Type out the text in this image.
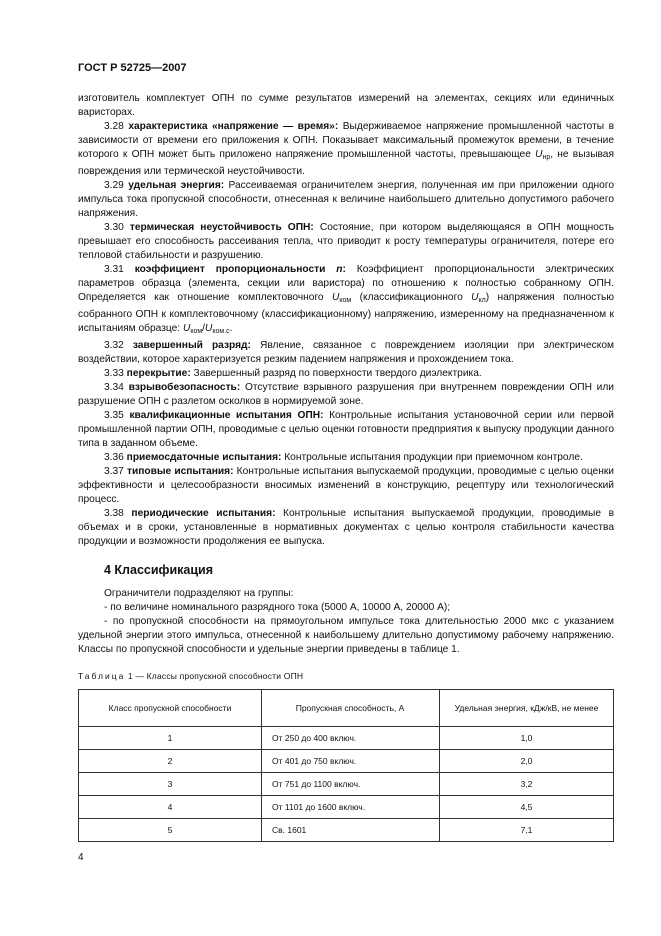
ГОСТ Р 52725—2007

изготовитель комплектует ОПН по сумме результатов измерений на элементах, секциях или единичных варисторах.

3.28 характеристика «напряжение — время»: Выдерживаемое напряжение промышленной частоты в зависимости от времени его приложения к ОПН. Показывает максимальный промежуток времени, в течение которого к ОПН может быть приложено напряжение промышленной частоты, превышающее $U_{нр}$, не вызывая повреждения или термической неустойчивости.

3.29 удельная энергия: Рассеиваемая ограничителем энергия, полученная им при приложении одного импульса тока пропускной способности, отнесенная к величине наибольшего длительно допустимого рабочего напряжения.

3.30 термическая неустойчивость ОПН: Состояние, при котором выделяющаяся в ОПН мощность превышает его способность рассеивания тепла, что приводит к росту температуры ограничителя, потере его тепловой стабильности и разрушению.

3.31 коэффициент пропорциональности n: Коэффициент пропорциональности электрических параметров образца (элемента, секции или варистора) по отношению к полностью собранному ОПН. Определяется как отношение комплектовочного $U_{ком}$ (классификационного $U_{кл}$) напряжения полностью собранного ОПН к комплектовочному (классификационному) напряжению, измеренному на предназначенном к испытаниям образце: $U_{ком}/U_{ком.с}$.

3.32 завершенный разряд: Явление, связанное с повреждением изоляции при электрическом воздействии, которое характеризуется резким падением напряжения и прохождением тока.

3.33 перекрытие: Завершенный разряд по поверхности твердого диэлектрика.

3.34 взрывобезопасность: Отсутствие взрывного разрушения при внутреннем повреждении ОПН или разрушение ОПН с разлетом осколков в нормируемой зоне.

3.35 квалификационные испытания ОПН: Контрольные испытания установочной серии или первой промышленной партии ОПН, проводимые с целью оценки готовности предприятия к выпуску продукции данного типа в заданном объеме.

3.36 приемосдаточные испытания: Контрольные испытания продукции при приемочном контроле.

3.37 типовые испытания: Контрольные испытания выпускаемой продукции, проводимые с целью оценки эффективности и целесообразности вносимых изменений в конструкцию, рецептуру или технологический процесс.

3.38 периодические испытания: Контрольные испытания выпускаемой продукции, проводимые в объемах и в сроки, установленные в нормативных документах с целью контроля стабильности качества продукции и возможности продолжения ее выпуска.

4 Классификация

Ограничители подразделяют на группы:

- по величине номинального разрядного тока (5000 А, 10000 А, 20000 А);

- по пропускной способности на прямоугольном импульсе тока длительностью 2000 мкс с указанием удельной энергии этого импульса, отнесенной к наибольшему длительно допустимому рабочему напряжению. Классы по пропускной способности и удельные энергии приведены в таблице 1.

Таблица 1 — Классы пропускной способности ОПН
Класс пропускной способности	Пропускная способность, А	Удельная энергия, кДж/кВ, не менее
1	От 250 до 400 включ.	1,0
2	От 401 до 750 включ.	2,0
3	От 751 до 1100 включ.	3,2
4	От 1101 до 1600 включ.	4,5
5	Св. 1601	7,1
4
